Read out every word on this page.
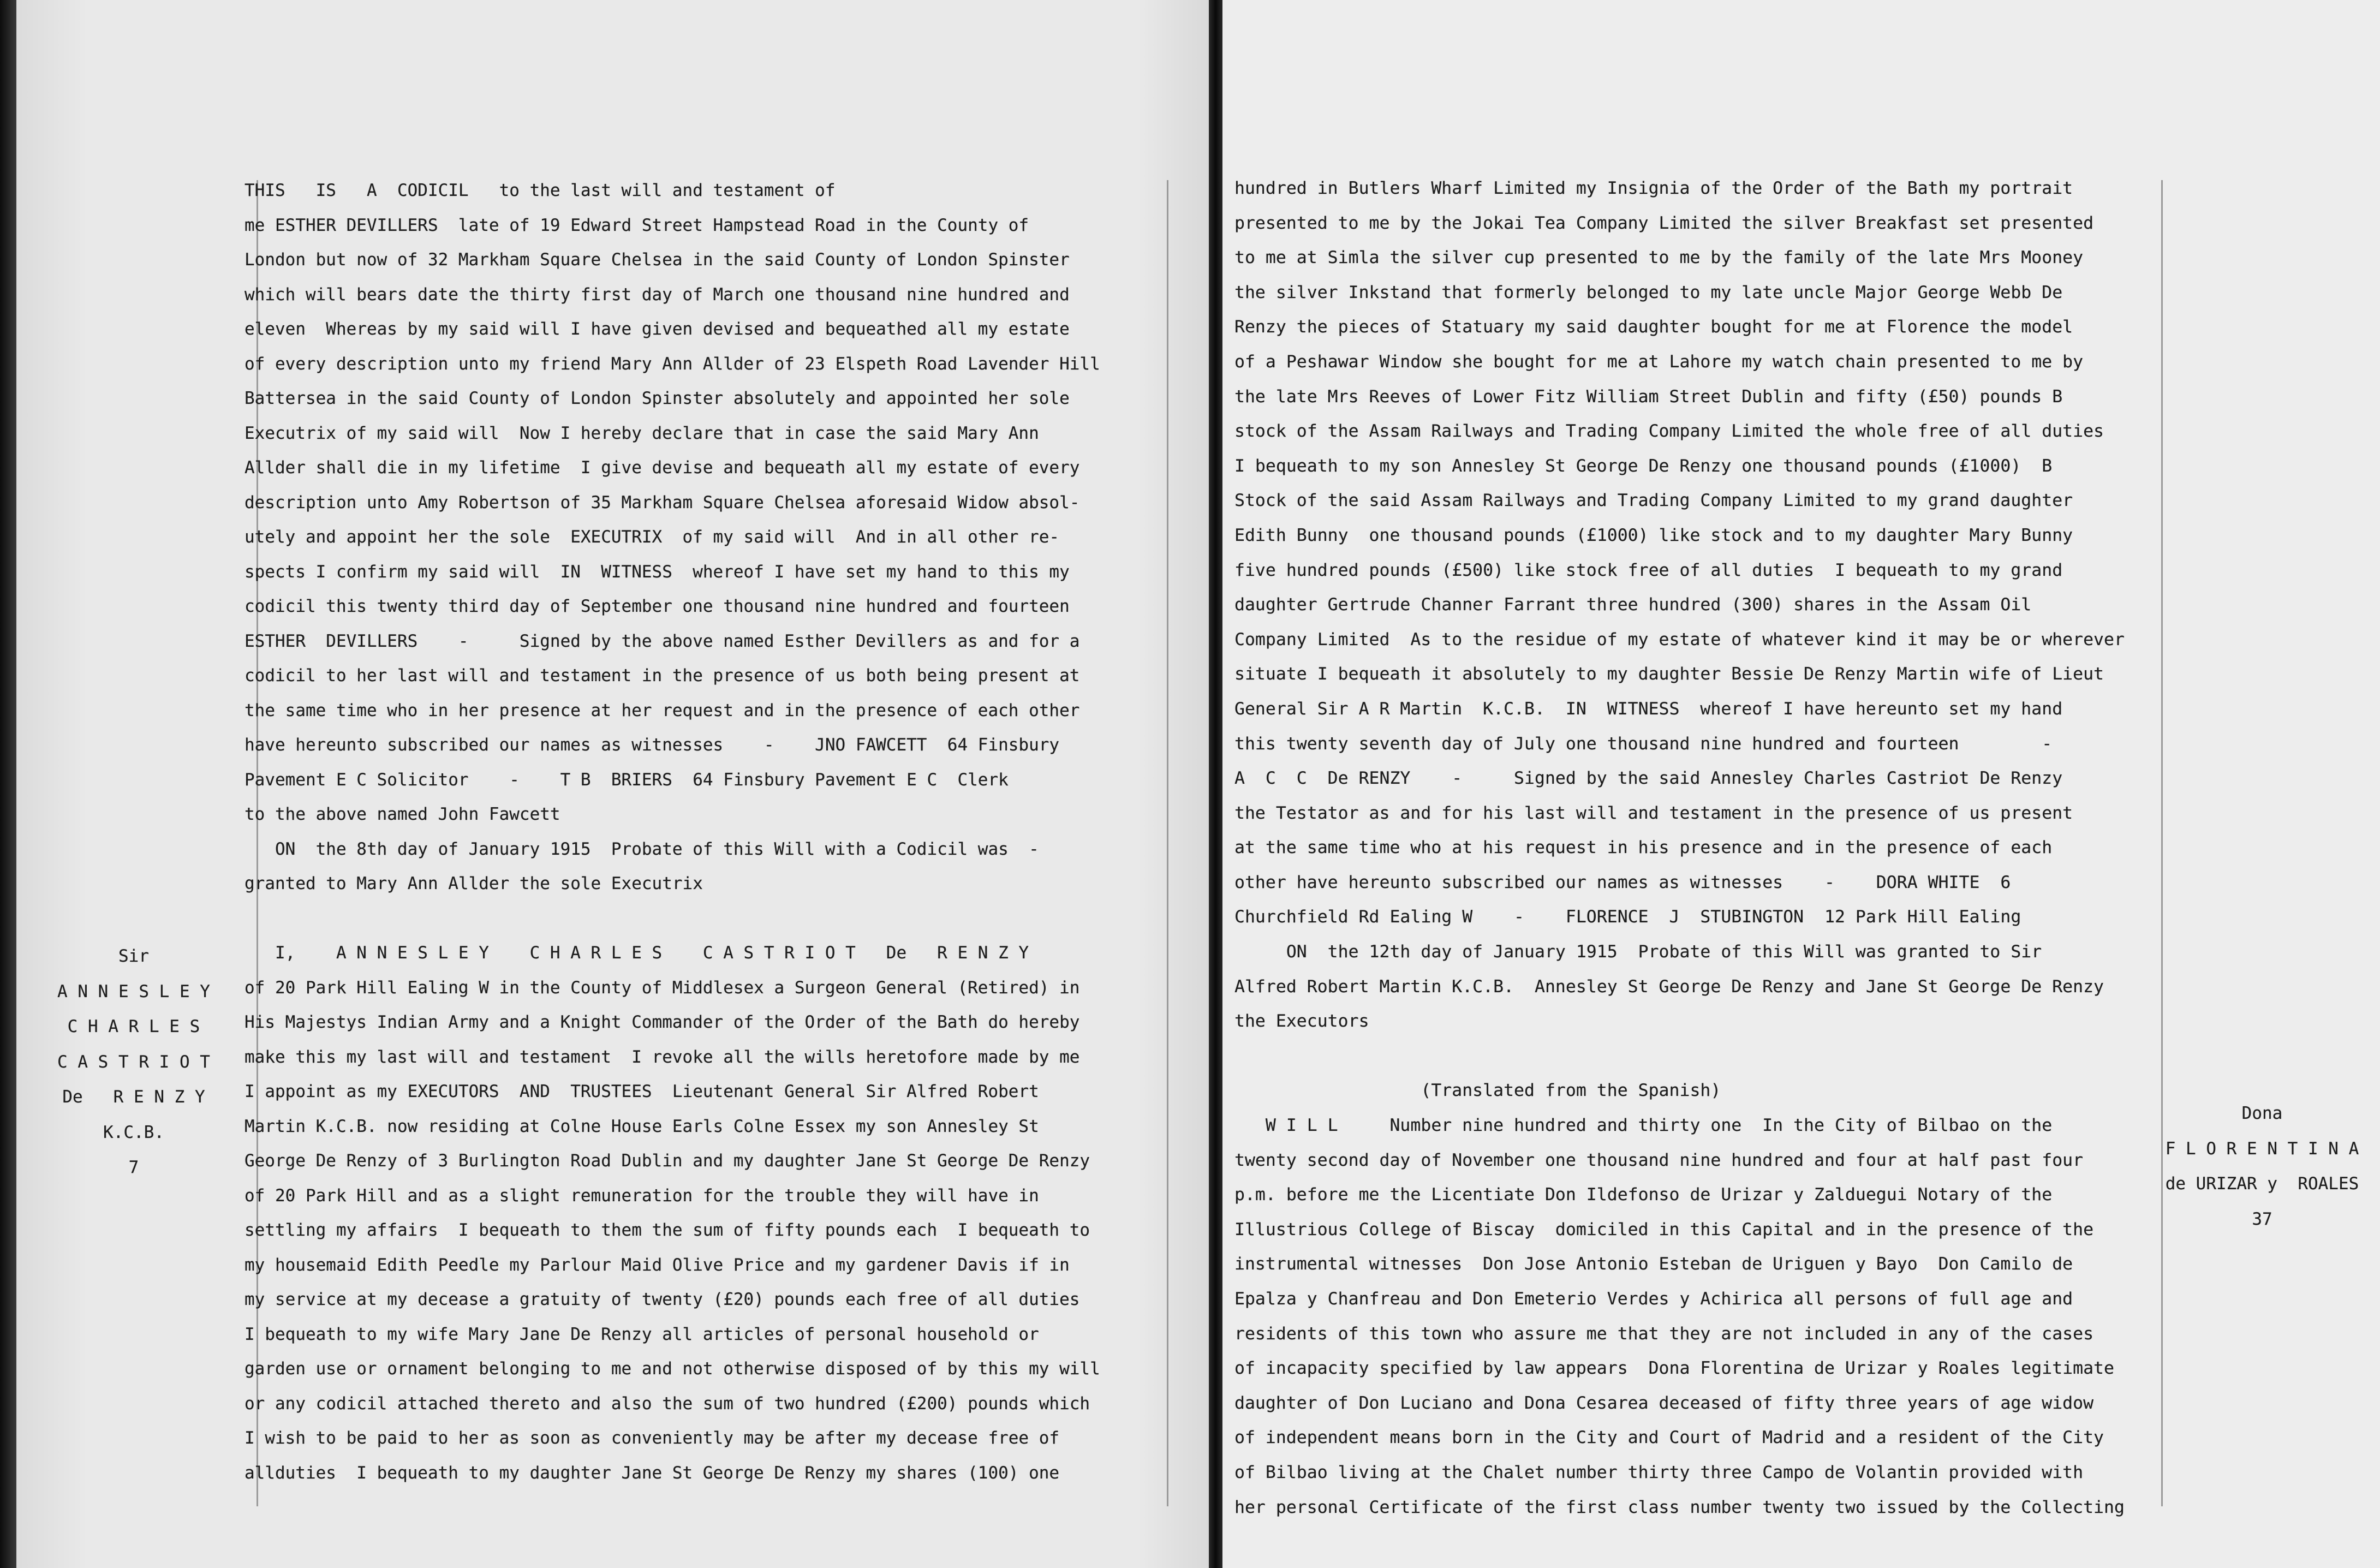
Sir
A N N E S L E Y
C H A R L E S
C A S T R I O T
De   R E N Z Y
K.C.B.
7
THIS   IS   A  CODICIL   to the last will and testament of
me ESTHER DEVILLERS  late of 19 Edward Street Hampstead Road in the County of
London but now of 32 Markham Square Chelsea in the said County of London Spinster
which will bears date the thirty first day of March one thousand nine hundred and
eleven  Whereas by my said will I have given devised and bequeathed all my estate
of every description unto my friend Mary Ann Allder of 23 Elspeth Road Lavender Hill
Battersea in the said County of London Spinster absolutely and appointed her sole
Executrix of my said will  Now I hereby declare that in case the said Mary Ann
Allder shall die in my lifetime  I give devise and bequeath all my estate of every
description unto Amy Robertson of 35 Markham Square Chelsea aforesaid Widow absol-
utely and appoint her the sole  EXECUTRIX  of my said will  And in all other re-
spects I confirm my said will  IN  WITNESS  whereof I have set my hand to this my
codicil this twenty third day of September one thousand nine hundred and fourteen
ESTHER  DEVILLERS    -     Signed by the above named Esther Devillers as and for a
codicil to her last will and testament in the presence of us both being present at
the same time who in her presence at her request and in the presence of each other
have hereunto subscribed our names as witnesses    -    JNO FAWCETT  64 Finsbury
Pavement E C Solicitor    -    T B  BRIERS  64 Finsbury Pavement E C  Clerk
to the above named John Fawcett
ON  the 8th day of January 1915  Probate of this Will with a Codicil was  -
granted to Mary Ann Allder the sole Executrix

I,    A N N E S L E Y    C H A R L E S    C A S T R I O T   De   R E N Z Y
of 20 Park Hill Ealing W in the County of Middlesex a Surgeon General (Retired) in
His Majestys Indian Army and a Knight Commander of the Order of the Bath do hereby
make this my last will and testament  I revoke all the wills heretofore made by me
I appoint as my EXECUTORS  AND  TRUSTEES  Lieutenant General Sir Alfred Robert
Martin K.C.B. now residing at Colne House Earls Colne Essex my son Annesley St
George De Renzy of 3 Burlington Road Dublin and my daughter Jane St George De Renzy
of 20 Park Hill and as a slight remuneration for the trouble they will have in
settling my affairs  I bequeath to them the sum of fifty pounds each  I bequeath to
my housemaid Edith Peedle my Parlour Maid Olive Price and my gardener Davis if in
my service at my decease a gratuity of twenty (£20) pounds each free of all duties
I bequeath to my wife Mary Jane De Renzy all articles of personal household or
garden use or ornament belonging to me and not otherwise disposed of by this my will
or any codicil attached thereto and also the sum of two hundred (£200) pounds which
I wish to be paid to her as soon as conveniently may be after my decease free of
allduties  I bequeath to my daughter Jane St George De Renzy my shares (100) one
hundred in Butlers Wharf Limited my Insignia of the Order of the Bath my portrait
presented to me by the Jokai Tea Company Limited the silver Breakfast set presented
to me at Simla the silver cup presented to me by the family of the late Mrs Mooney
the silver Inkstand that formerly belonged to my late uncle Major George Webb De
Renzy the pieces of Statuary my said daughter bought for me at Florence the model
of a Peshawar Window she bought for me at Lahore my watch chain presented to me by
the late Mrs Reeves of Lower Fitz William Street Dublin and fifty (£50) pounds B
stock of the Assam Railways and Trading Company Limited the whole free of all duties
I bequeath to my son Annesley St George De Renzy one thousand pounds (£1000)  B
Stock of the said Assam Railways and Trading Company Limited to my grand daughter
Edith Bunny  one thousand pounds (£1000) like stock and to my daughter Mary Bunny
five hundred pounds (£500) like stock free of all duties  I bequeath to my grand
daughter Gertrude Channer Farrant three hundred (300) shares in the Assam Oil
Company Limited  As to the residue of my estate of whatever kind it may be or wherever
situate I bequeath it absolutely to my daughter Bessie De Renzy Martin wife of Lieut
General Sir A R Martin  K.C.B.  IN  WITNESS  whereof I have hereunto set my hand
this twenty seventh day of July one thousand nine hundred and fourteen        -
A  C  C  De RENZY    -     Signed by the said Annesley Charles Castriot De Renzy
the Testator as and for his last will and testament in the presence of us present
at the same time who at his request in his presence and in the presence of each
other have hereunto subscribed our names as witnesses    -    DORA WHITE  6
Churchfield Rd Ealing W    -    FLORENCE  J  STUBINGTON  12 Park Hill Ealing
ON  the 12th day of January 1915  Probate of this Will was granted to Sir
Alfred Robert Martin K.C.B.  Annesley St George De Renzy and Jane St George De Renzy
the Executors

(Translated from the Spanish)
W I L L     Number nine hundred and thirty one  In the City of Bilbao on the
twenty second day of November one thousand nine hundred and four at half past four
p.m. before me the Licentiate Don Ildefonso de Urizar y Zalduegui Notary of the
Illustrious College of Biscay  domiciled in this Capital and in the presence of the
instrumental witnesses  Don Jose Antonio Esteban de Uriguen y Bayo  Don Camilo de
Epalza y Chanfreau and Don Emeterio Verdes y Achirica all persons of full age and
residents of this town who assure me that they are not included in any of the cases
of incapacity specified by law appears  Dona Florentina de Urizar y Roales legitimate
daughter of Don Luciano and Dona Cesarea deceased of fifty three years of age widow
of independent means born in the City and Court of Madrid and a resident of the City
of Bilbao living at the Chalet number thirty three Campo de Volantin provided with
her personal Certificate of the first class number twenty two issued by the Collecting
Dona
F L O R E N T I N A
de URIZAR y  ROALES
37
